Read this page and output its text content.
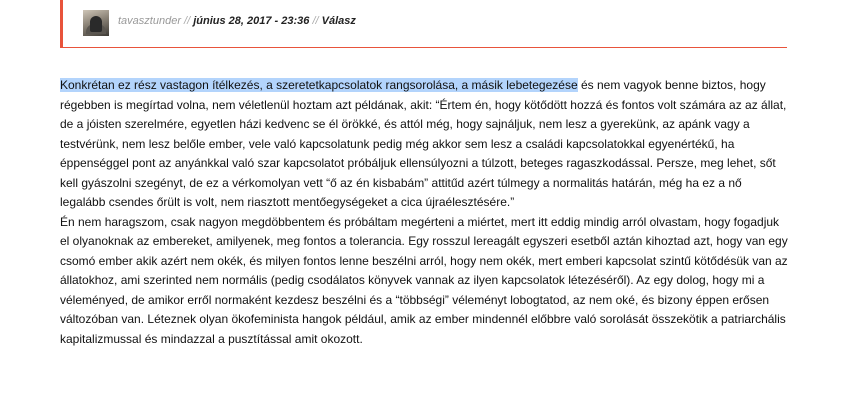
tavasztunder // június 28, 2017 - 23:36 // Válasz

Konkrétan ez rész vastagon ítélkezés, a szeretetkapcsolatok rangsorolása, a másik lebetegezése és nem vagyok benne biztos, hogy régebben is megírtad volna, nem véletlenül hoztam azt példának, akit: “Értem én, hogy kötődött hozzá és fontos volt számára az az állat, de a jóisten szerelmére, egyetlen házi kedvenc se él örökké, és attól még, hogy sajnáljuk, nem lesz a gyerekünk, az apánk vagy a testvérünk, nem lesz belőle ember, vele való kapcsolatunk pedig még akkor sem lesz a családi kapcsolatokkal egyenértékű, ha éppenséggel pont az anyánkkal való szar kapcsolatot próbáljuk ellensúlyozni a túlzott, beteges ragaszkodással. Persze, meg lehet, sőt kell gyászolni szegényt, de ez a vérkomolyan vett “ő az én kisbabám” attitűd azért túlmegy a normalitás határán, még ha ez a nő legalább csendes őrült is volt, nem riasztott mentőegységeket a cica újraélesztésére.”

Én nem haragszom, csak nagyon megdöbbentem és próbáltam megérteni a miértet, mert itt eddig mindig arról olvastam, hogy fogadjuk el olyanoknak az embereket, amilyenek, meg fontos a tolerancia. Egy rosszul lereagált egyszeri esetből aztán kihoztad azt, hogy van egy csomó ember akik azért nem okék, és milyen fontos lenne beszélni arról, hogy nem okék, mert emberi kapcsolat szintű kötődésük van az állatokhoz, ami szerinted nem normális (pedig csodálatos könyvek vannak az ilyen kapcsolatok létezéséről). Az egy dolog, hogy mi a véleményed, de amikor erről normaként kezdesz beszélni és a “többségi” véleményt lobogtatod, az nem oké, és bizony éppen erősen változóban van. Léteznek olyan ökofeminista hangok például, amik az ember mindennél előbbre való sorolását összekötik a patriarchális kapitalizmussal és mindazzal a pusztítással amit okozott.
